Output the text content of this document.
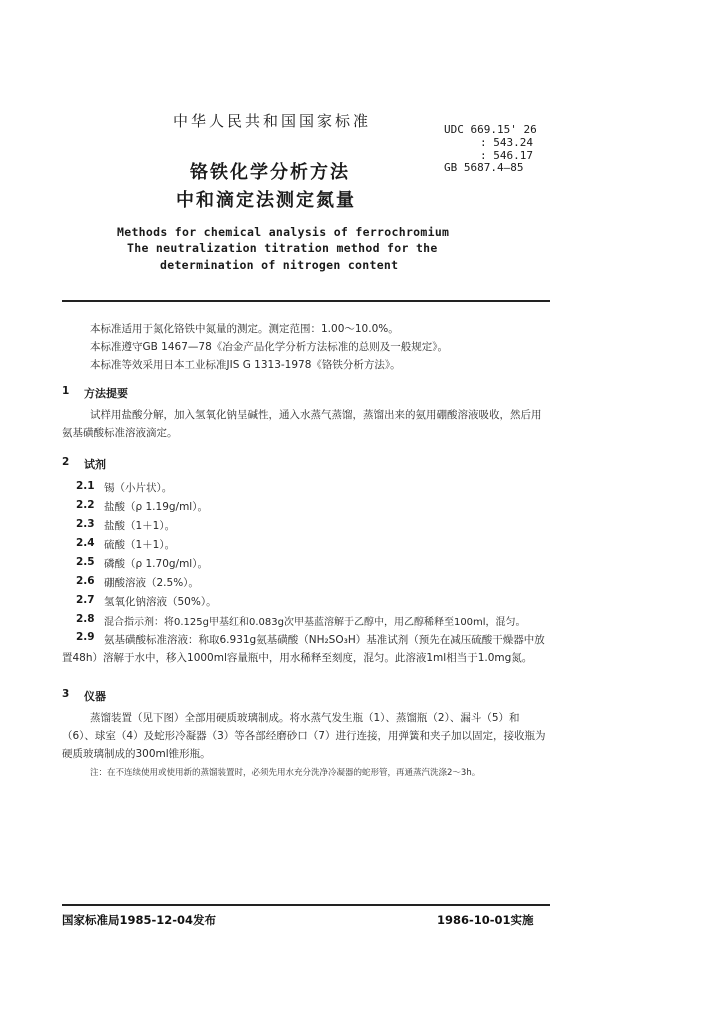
中华人民共和国国家标准	UDC 669.15' 26
: 543.24
: 546.17
GB 5687.4—85
铬铁化学分析方法
中和滴定法测定氮量
Methods for chemical analysis of ferrochromium
The neutralization titration method for the
determination of nitrogen content
本标准适用于氮化铬铁中氮量的测定。测定范围：1.00～10.0%。
本标准遵守GB 1467—78《冶金产品化学分析方法标准的总则及一般规定》。
本标准等效采用日本工业标准JIS G 1313-1978《铬铁分析方法》。
1 方法提要
试样用盐酸分解，加入氢氧化钠呈碱性，通入水蒸气蒸馏，蒸馏出来的氨用硼酸溶液吸收，然后用氨基磺酸标准溶液滴定。
2 试剂
2.1 锡（小片状）。
2.2 盐酸（ρ 1.19g/ml）。
2.3 盐酸（1＋1）。
2.4 硫酸（1＋1）。
2.5 磷酸（ρ 1.70g/ml）。
2.6 硼酸溶液（2.5%）。
2.7 氢氧化钠溶液（50%）。
2.8 混合指示剂：将0.125g甲基红和0.083g次甲基蓝溶解于乙醇中，用乙醇稀释至100ml，混匀。
2.9 氨基磺酸标准溶液：称取6.931g氨基磺酸（NH₂SO₃H）基准试剂（预先在减压硫酸干燥器中放置48h）溶解于水中，移入1000ml容量瓶中，用水稀释至刻度，混匀。此溶液1ml相当于1.0mg氮。
3 仪器
蒸馏装置（见下图）全部用硬质玻璃制成。将水蒸气发生瓶（1）、蒸馏瓶（2）、漏斗（5）和（6）、球室（4）及蛇形冷凝器（3）等各部经磨砂口（7）进行连接，用弹簧和夹子加以固定，接收瓶为硬质玻璃制成的300ml锥形瓶。
注：在不连续使用或使用新的蒸馏装置时，必须先用水充分洗净冷凝器的蛇形管，再通蒸汽洗涤2～3h。
国家标准局1985-12-04发布	1986-10-01实施
